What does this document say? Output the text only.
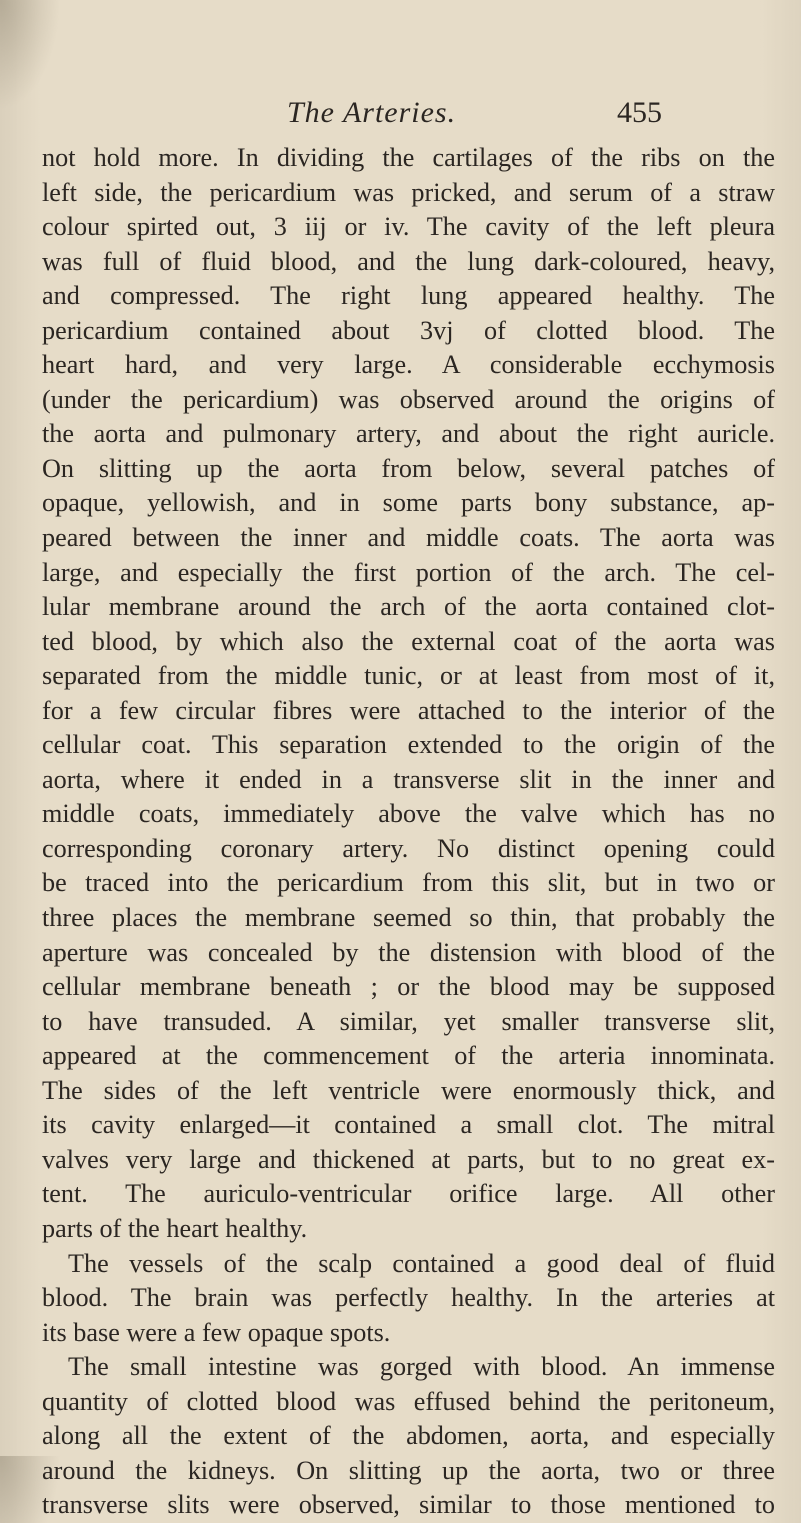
The Arteries.	455
not hold more. In dividing the cartilages of the ribs on the
left side, the pericardium was pricked, and serum of a straw
colour spirted out, 3 iij or iv. The cavity of the left pleura
was full of fluid blood, and the lung dark-coloured, heavy,
and compressed. The right lung appeared healthy. The
pericardium contained about 3vj of clotted blood. The
heart hard, and very large. A considerable ecchymosis
(under the pericardium) was observed around the origins of
the aorta and pulmonary artery, and about the right auricle.
On slitting up the aorta from below, several patches of
opaque, yellowish, and in some parts bony substance, ap-
peared between the inner and middle coats. The aorta was
large, and especially the first portion of the arch. The cel-
lular membrane around the arch of the aorta contained clot-
ted blood, by which also the external coat of the aorta was
separated from the middle tunic, or at least from most of it,
for a few circular fibres were attached to the interior of the
cellular coat. This separation extended to the origin of the
aorta, where it ended in a transverse slit in the inner and
middle coats, immediately above the valve which has no
corresponding coronary artery. No distinct opening could
be traced into the pericardium from this slit, but in two or
three places the membrane seemed so thin, that probably the
aperture was concealed by the distension with blood of the
cellular membrane beneath ; or the blood may be supposed
to have transuded. A similar, yet smaller transverse slit,
appeared at the commencement of the arteria innominata.
The sides of the left ventricle were enormously thick, and
its cavity enlarged—it contained a small clot. The mitral
valves very large and thickened at parts, but to no great ex-
tent. The auriculo-ventricular orifice large. All other
parts of the heart healthy.
The vessels of the scalp contained a good deal of fluid
blood. The brain was perfectly healthy. In the arteries at
its base were a few opaque spots.
The small intestine was gorged with blood. An immense
quantity of clotted blood was effused behind the peritoneum,
along all the extent of the abdomen, aorta, and especially
around the kidneys. On slitting up the aorta, two or three
transverse slits were observed, similar to those mentioned to
